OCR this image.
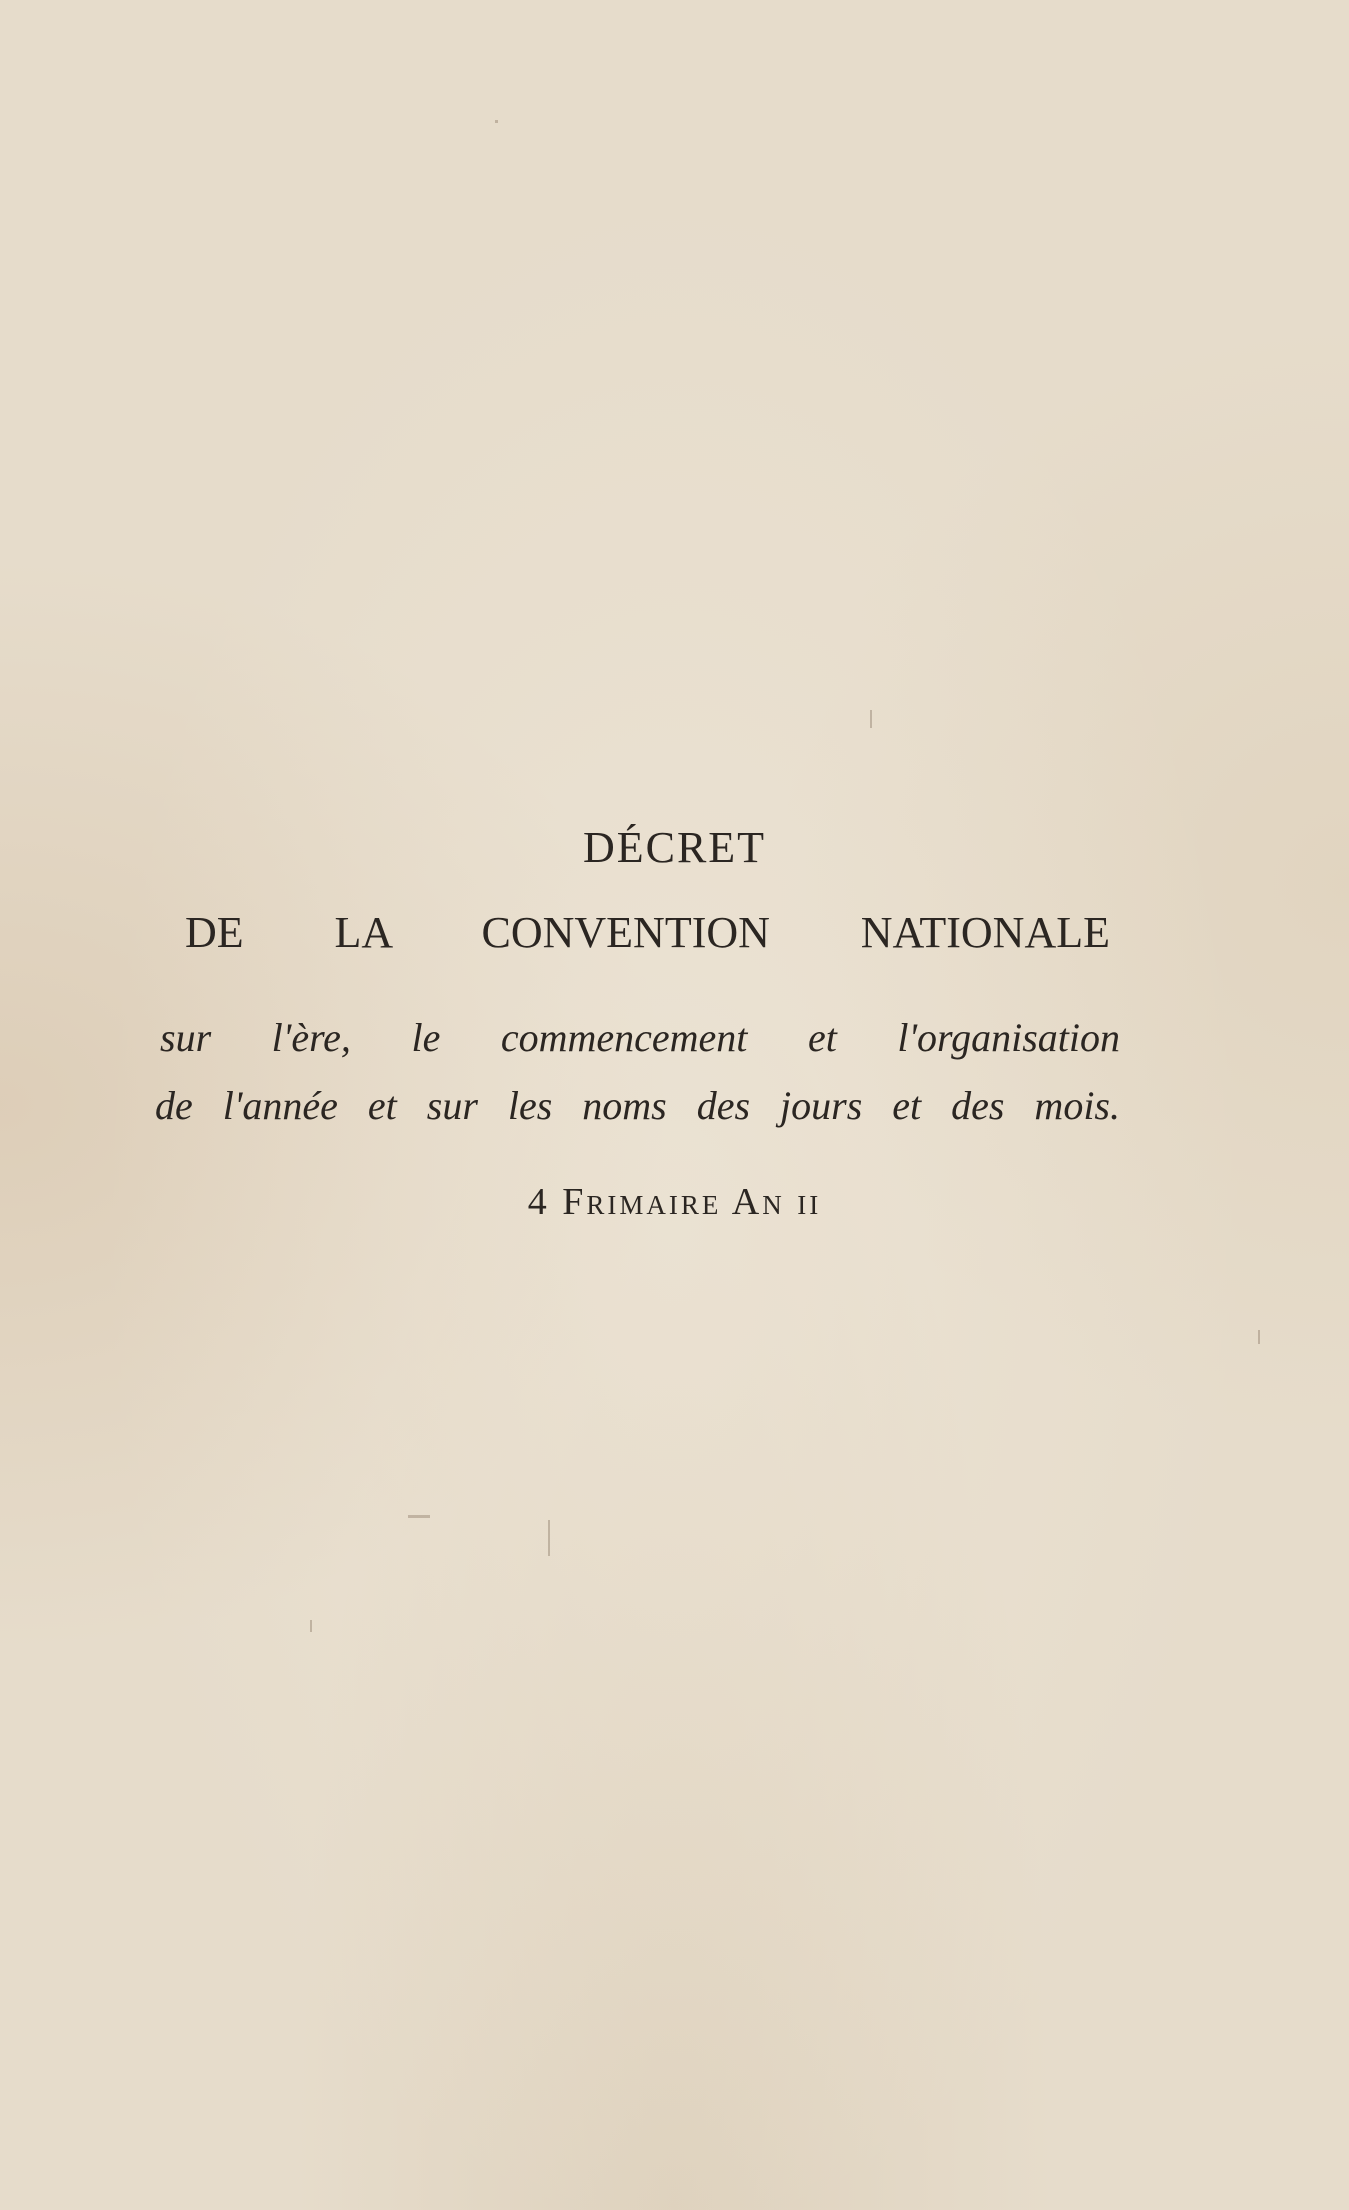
DÉCRET
DE LA CONVENTION NATIONALE
sur l'ère, le commencement et l'organisation
de l'année et sur les noms des jours et des mois.
4 Frimaire An ii
